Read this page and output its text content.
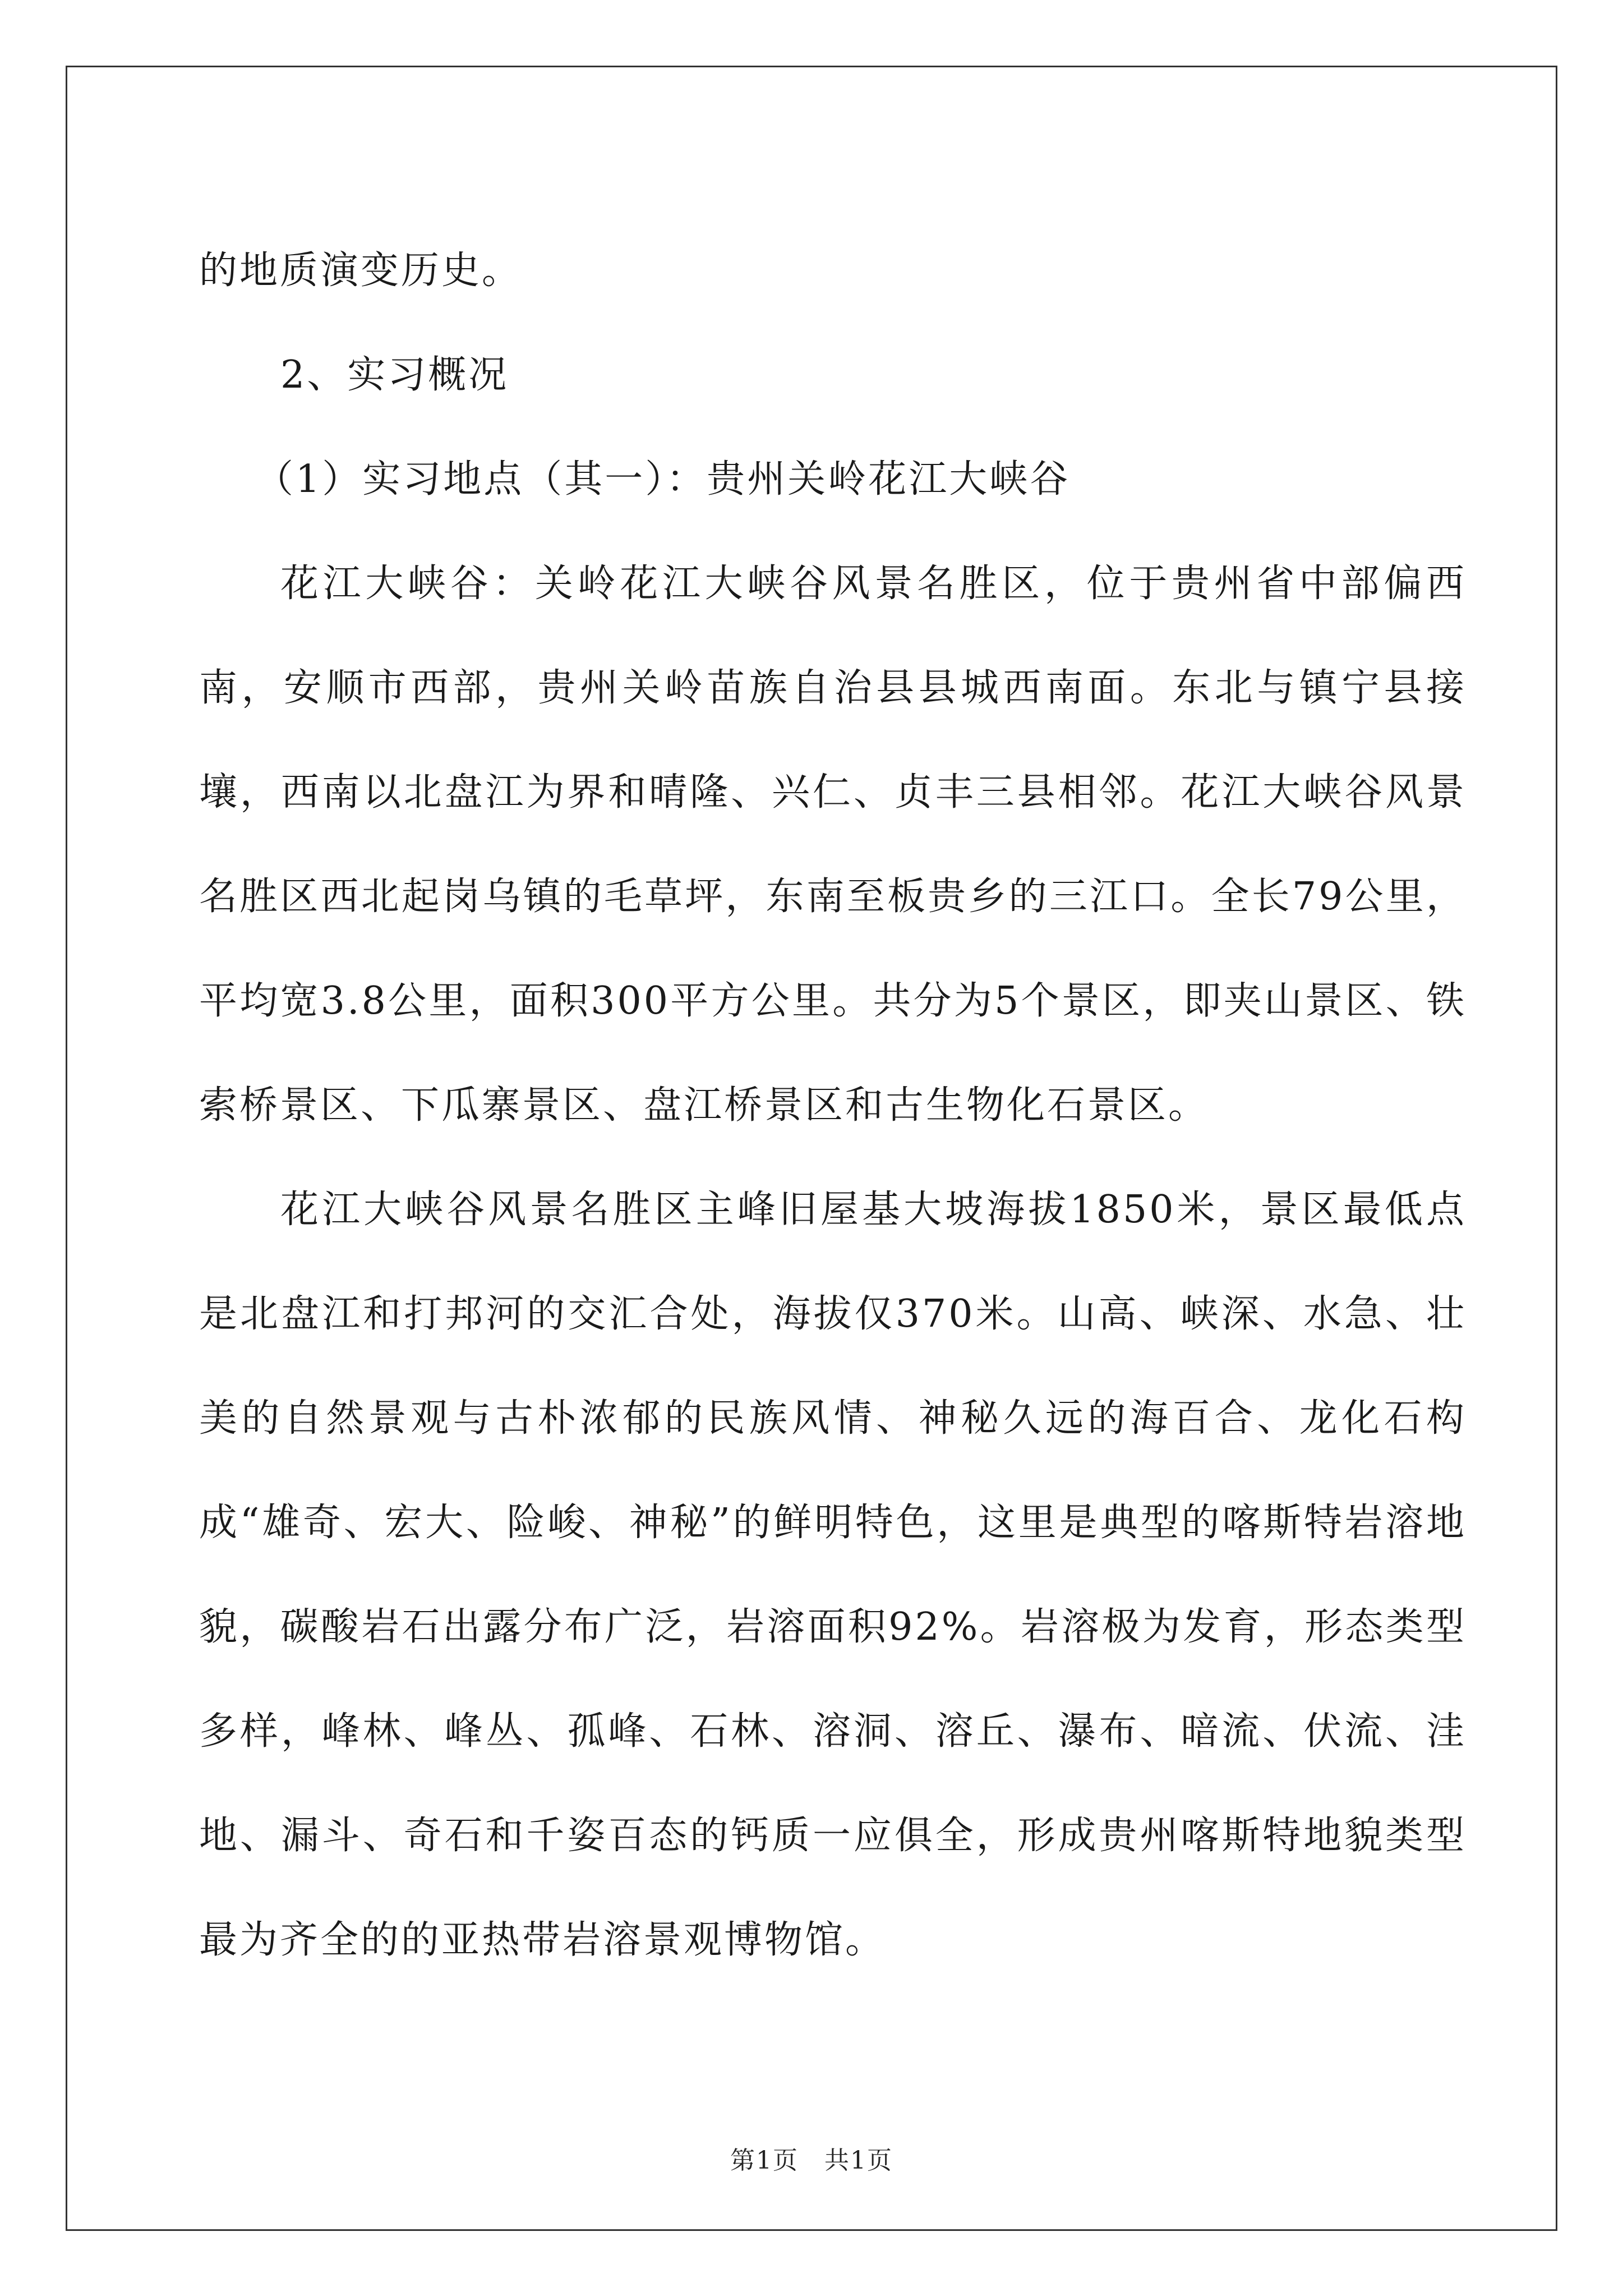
的地质演变历史。

2、实习概况

（1）实习地点（其一）：贵州关岭花江大峡谷

花江大峡谷：关岭花江大峡谷风景名胜区，位于贵州省中部偏西南，安顺市西部，贵州关岭苗族自治县县城西南面。东北与镇宁县接壤，西南以北盘江为界和晴隆、兴仁、贞丰三县相邻。花江大峡谷风景名胜区西北起岗乌镇的毛草坪，东南至板贵乡的三江口。全长79公里，平均宽3.8公里，面积300平方公里。共分为5个景区，即夹山景区、铁索桥景区、下瓜寨景区、盘江桥景区和古生物化石景区。

花江大峡谷风景名胜区主峰旧屋基大坡海拔1850米，景区最低点是北盘江和打邦河的交汇合处，海拔仅370米。山高、峡深、水急、壮美的自然景观与古朴浓郁的民族风情、神秘久远的海百合、龙化石构成“雄奇、宏大、险峻、神秘”的鲜明特色，这里是典型的喀斯特岩溶地貌，碳酸岩石出露分布广泛，岩溶面积92%。岩溶极为发育，形态类型多样，峰林、峰丛、孤峰、石林、溶洞、溶丘、瀑布、暗流、伏流、洼地、漏斗、奇石和千姿百态的钙质一应俱全，形成贵州喀斯特地貌类型最为齐全的的亚热带岩溶景观博物馆。

第1页 共1页
